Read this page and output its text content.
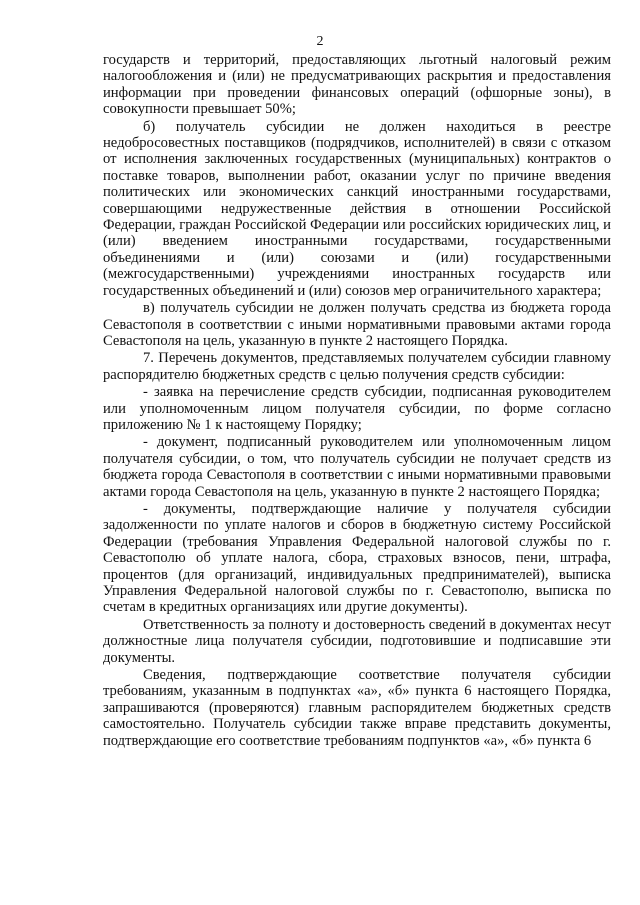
2

государств и территорий, предоставляющих льготный налоговый режим налогообложения и (или) не предусматривающих раскрытия и предоставления информации при проведении финансовых операций (офшорные зоны), в совокупности превышает 50%;

б) получатель субсидии не должен находиться в реестре недобросовестных поставщиков (подрядчиков, исполнителей) в связи с отказом от исполнения заключенных государственных (муниципальных) контрактов о поставке товаров, выполнении работ, оказании услуг по причине введения политических или экономических санкций иностранными государствами, совершающими недружественные действия в отношении Российской Федерации, граждан Российской Федерации или российских юридических лиц, и (или) введением иностранными государствами, государственными объединениями и (или) союзами и (или) государственными (межгосударственными) учреждениями иностранных государств или государственных объединений и (или) союзов мер ограничительного характера;

в) получатель субсидии не должен получать средства из бюджета города Севастополя в соответствии с иными нормативными правовыми актами города Севастополя на цель, указанную в пункте 2 настоящего Порядка.

7. Перечень документов, представляемых получателем субсидии главному распорядителю бюджетных средств с целью получения средств субсидии:

- заявка на перечисление средств субсидии, подписанная руководителем или уполномоченным лицом получателя субсидии, по форме согласно приложению № 1 к настоящему Порядку;

- документ, подписанный руководителем или уполномоченным лицом получателя субсидии, о том, что получатель субсидии не получает средств из бюджета города Севастополя в соответствии с иными нормативными правовыми актами города Севастополя на цель, указанную в пункте 2 настоящего Порядка;

- документы, подтверждающие наличие у получателя субсидии задолженности по уплате налогов и сборов в бюджетную систему Российской Федерации (требования Управления Федеральной налоговой службы по г. Севастополю об уплате налога, сбора, страховых взносов, пени, штрафа, процентов (для организаций, индивидуальных предпринимателей), выписка Управления Федеральной налоговой службы по г. Севастополю, выписка по счетам в кредитных организациях или другие документы).

Ответственность за полноту и достоверность сведений в документах несут должностные лица получателя субсидии, подготовившие и подписавшие эти документы.

Сведения, подтверждающие соответствие получателя субсидии требованиям, указанным в подпунктах «а», «б» пункта 6 настоящего Порядка, запрашиваются (проверяются) главным распорядителем бюджетных средств самостоятельно. Получатель субсидии также вправе представить документы, подтверждающие его соответствие требованиям подпунктов «а», «б» пункта 6
